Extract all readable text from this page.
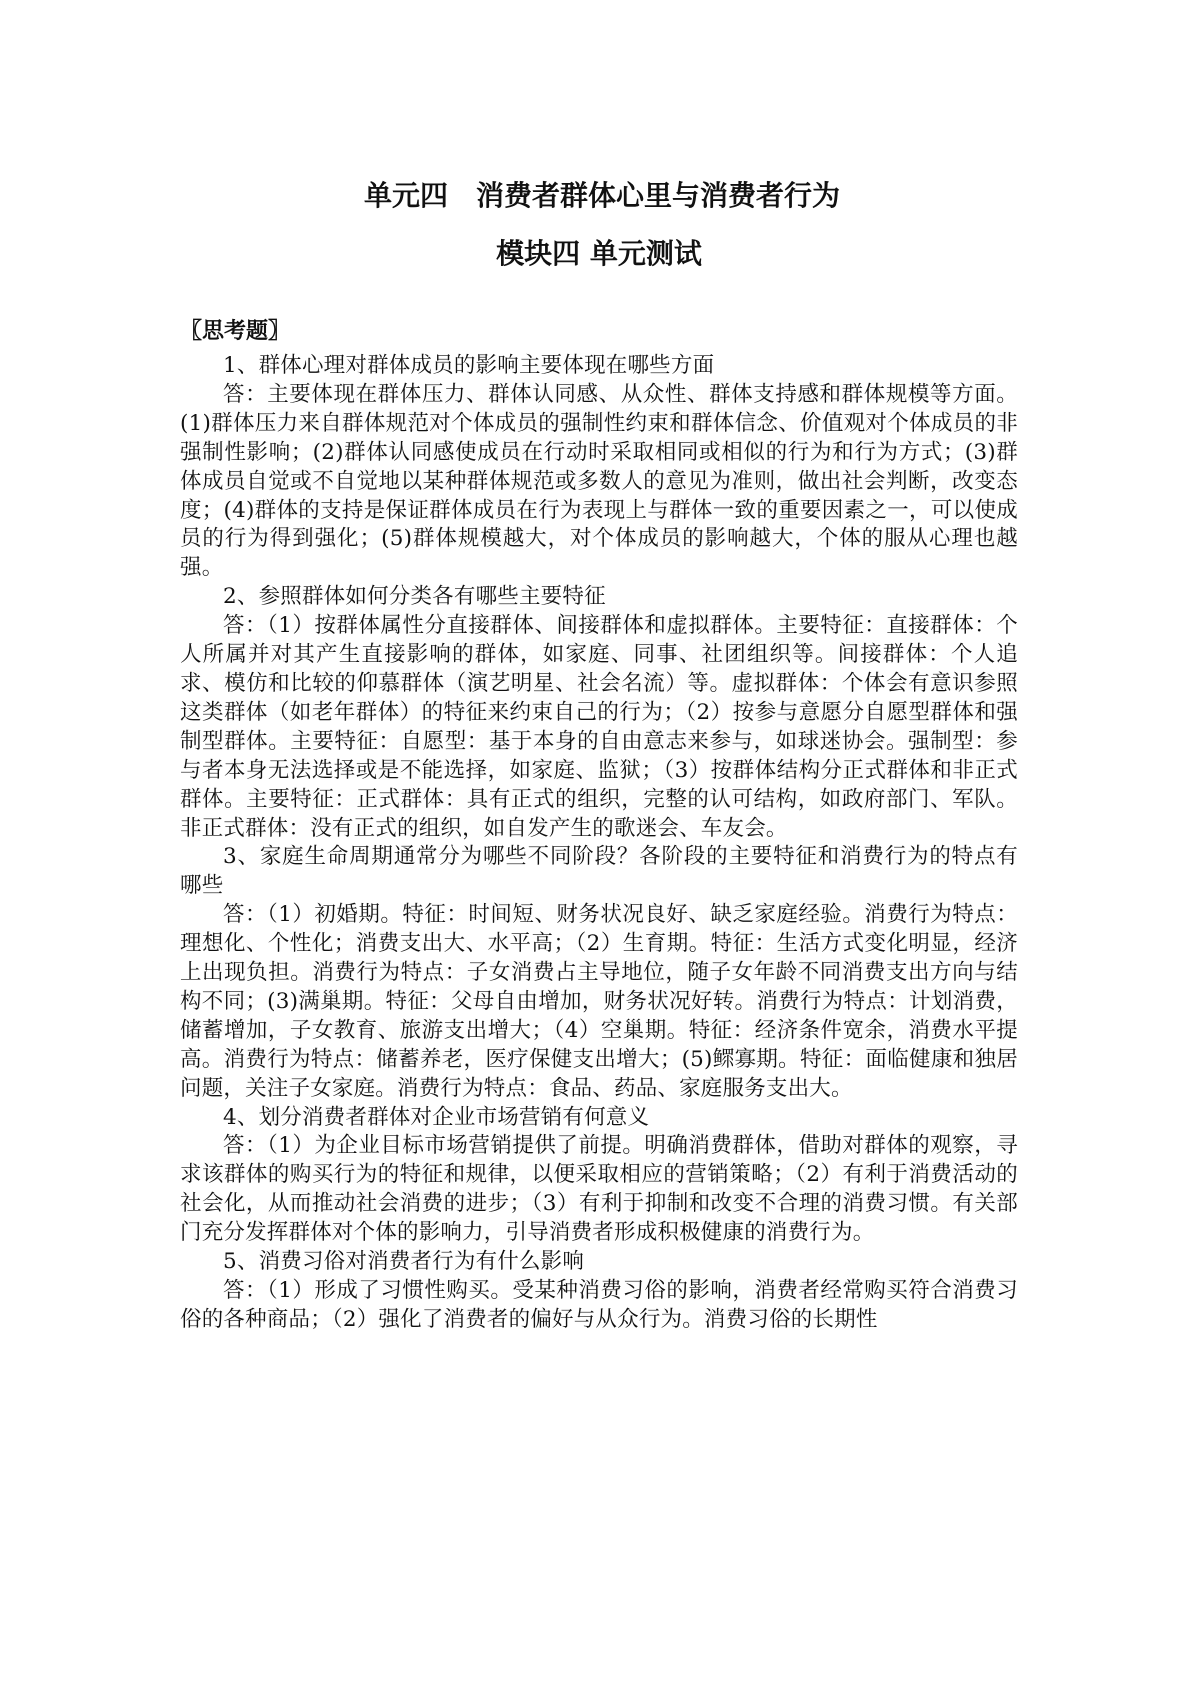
单元四　消费者群体心里与消费者行为
模块四 单元测试
〖思考题〗

1、群体心理对群体成员的影响主要体现在哪些方面

答：主要体现在群体压力、群体认同感、从众性、群体支持感和群体规模等方面。(1)群体压力来自群体规范对个体成员的强制性约束和群体信念、价值观对个体成员的非强制性影响；(2)群体认同感使成员在行动时采取相同或相似的行为和行为方式；(3)群体成员自觉或不自觉地以某种群体规范或多数人的意见为准则，做出社会判断，改变态度；(4)群体的支持是保证群体成员在行为表现上与群体一致的重要因素之一，可以使成员的行为得到强化；(5)群体规模越大，对个体成员的影响越大，个体的服从心理也越强。

2、参照群体如何分类各有哪些主要特征

答：（1）按群体属性分直接群体、间接群体和虚拟群体。主要特征：直接群体：个人所属并对其产生直接影响的群体，如家庭、同事、社团组织等。间接群体：个人追求、模仿和比较的仰慕群体（演艺明星、社会名流）等。虚拟群体：个体会有意识参照这类群体（如老年群体）的特征来约束自己的行为；（2）按参与意愿分自愿型群体和强制型群体。主要特征：自愿型：基于本身的自由意志来参与，如球迷协会。强制型：参与者本身无法选择或是不能选择，如家庭、监狱；（3）按群体结构分正式群体和非正式群体。主要特征：正式群体：具有正式的组织，完整的认可结构，如政府部门、军队。非正式群体：没有正式的组织，如自发产生的歌迷会、车友会。

3、家庭生命周期通常分为哪些不同阶段？各阶段的主要特征和消费行为的特点有哪些

答：（1）初婚期。特征：时间短、财务状况良好、缺乏家庭经验。消费行为特点：理想化、个性化；消费支出大、水平高；（2）生育期。特征：生活方式变化明显，经济上出现负担。消费行为特点：子女消费占主导地位，随子女年龄不同消费支出方向与结构不同；(3)满巢期。特征：父母自由增加，财务状况好转。消费行为特点：计划消费，储蓄增加，子女教育、旅游支出增大；（4）空巢期。特征：经济条件宽余，消费水平提高。消费行为特点：储蓄养老，医疗保健支出增大；(5)鳏寡期。特征：面临健康和独居问题，关注子女家庭。消费行为特点：食品、药品、家庭服务支出大。

4、划分消费者群体对企业市场营销有何意义

答：（1）为企业目标市场营销提供了前提。明确消费群体，借助对群体的观察，寻求该群体的购买行为的特征和规律，以便采取相应的营销策略；（2）有利于消费活动的社会化，从而推动社会消费的进步；（3）有利于抑制和改变不合理的消费习惯。有关部门充分发挥群体对个体的影响力，引导消费者形成积极健康的消费行为。

5、消费习俗对消费者行为有什么影响

答：（1）形成了习惯性购买。受某种消费习俗的影响，消费者经常购买符合消费习俗的各种商品；（2）强化了消费者的偏好与从众行为。消费习俗的长期性
